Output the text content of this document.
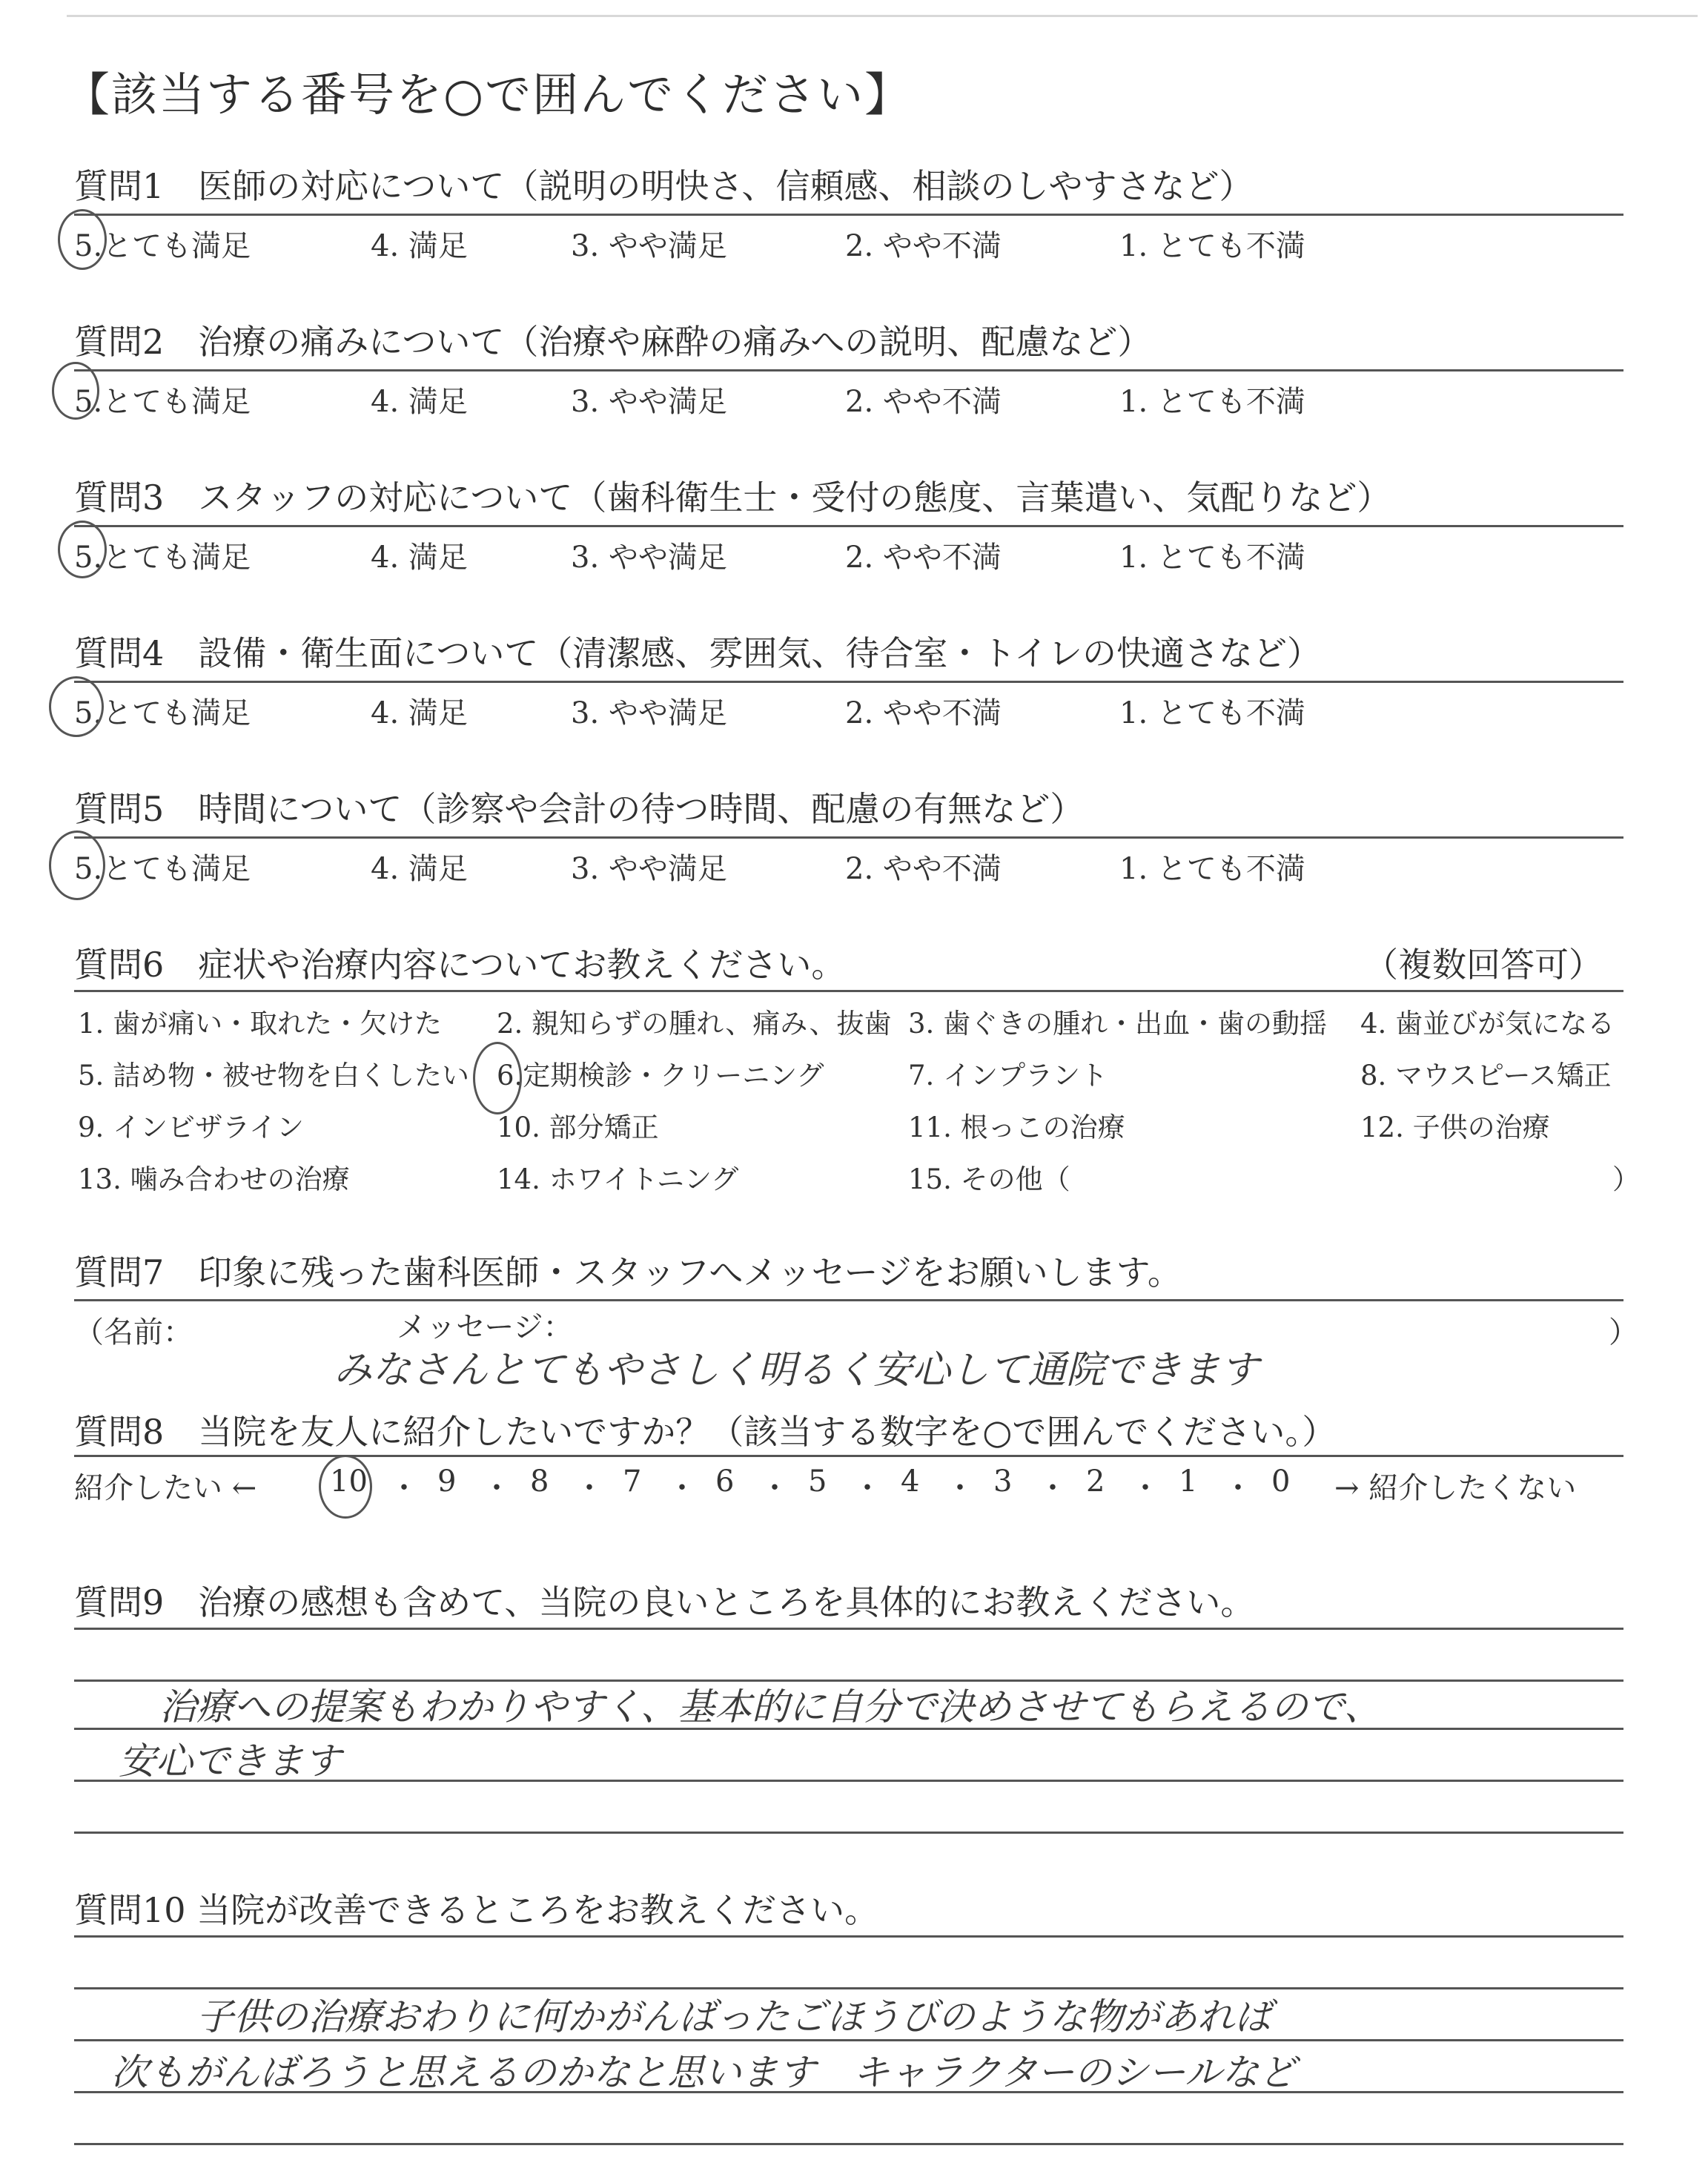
【該当する番号を○で囲んでください】
質問1　医師の対応について（説明の明快さ、信頼感、相談のしやすさなど）
5.とても満足	4. 満足	3. やや満足	2. やや不満	1. とても不満
質問2　治療の痛みについて（治療や麻酔の痛みへの説明、配慮など）
5.とても満足	4. 満足	3. やや満足	2. やや不満	1. とても不満
質問3　スタッフの対応について（歯科衛生士・受付の態度、言葉遣い、気配りなど）
5.とても満足	4. 満足	3. やや満足	2. やや不満	1. とても不満
質問4　設備・衛生面について（清潔感、雰囲気、待合室・トイレの快適さなど）
5.とても満足	4. 満足	3. やや満足	2. やや不満	1. とても不満
質問5　時間について（診察や会計の待つ時間、配慮の有無など）
5.とても満足	4. 満足	3. やや満足	2. やや不満	1. とても不満
質問6　症状や治療内容についてお教えください。	（複数回答可）
1. 歯が痛い・取れた・欠けた 2. 親知らずの腫れ、痛み、抜歯 3. 歯ぐきの腫れ・出血・歯の動揺 4. 歯並びが気になる
5. 詰め物・被せ物を白くしたい 6.定期検診・クリーニング	7. インプラント	8. マウスピース矯正
9. インビザライン	10. 部分矯正	11. 根っこの治療	12. 子供の治療
13. 噛み合わせの治療	14. ホワイトニング	15. その他（	）
質問7　印象に残った歯科医師・スタッフへメッセージをお願いします。
（名前：	メッセージ：	）
みなさんとてもやさしく明るく安心して通院できます
質問8　当院を友人に紹介したいですか？（該当する数字を○で囲んでください。）
紹介したい ← 10 ・ 9 ・ 8 ・ 7 ・ 6 ・ 5 ・ 4 ・ 3 ・ 2 ・ 1 ・ 0 → 紹介したくない
質問9　治療の感想も含めて、当院の良いところを具体的にお教えください。
治療への提案もわかりやすく、基本的に自分で決めさせてもらえるので、
安心できます
質問10 当院が改善できるところをお教えください。
子供の治療おわりに何かがんばったごほうびのような物があれば
次もがんばろうと思えるのかなと思います　キャラクターのシールなど
